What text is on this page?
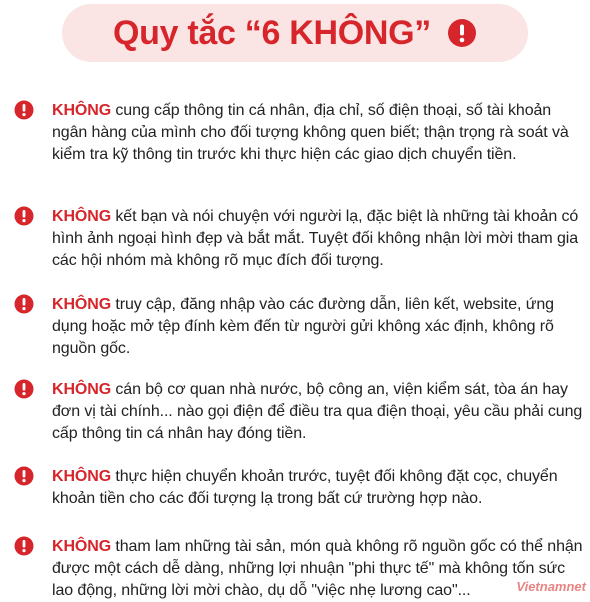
Quy tắc “6 KHÔNG”
KHÔNG cung cấp thông tin cá nhân, địa chỉ, số điện thoại, số tài khoản ngân hàng của mình cho đối tượng không quen biết; thận trọng rà soát và kiểm tra kỹ thông tin trước khi thực hiện các giao dịch chuyển tiền.
KHÔNG kết bạn và nói chuyện với người lạ, đặc biệt là những tài khoản có hình ảnh ngoại hình đẹp và bắt mắt. Tuyệt đối không nhận lời mời tham gia các hội nhóm mà không rõ mục đích đối tượng.
KHÔNG truy cập, đăng nhập vào các đường dẫn, liên kết, website, ứng dụng hoặc mở tệp đính kèm đến từ người gửi không xác định, không rõ nguồn gốc.
KHÔNG cán bộ cơ quan nhà nước, bộ công an, viện kiểm sát, tòa án hay đơn vị tài chính... nào gọi điện để điều tra qua điện thoại, yêu cầu phải cung cấp thông tin cá nhân hay đóng tiền.
KHÔNG thực hiện chuyển khoản trước, tuyệt đối không đặt cọc, chuyển khoản tiền cho các đối tượng lạ trong bất cứ trường hợp nào.
KHÔNG tham lam những tài sản, món quà không rõ nguồn gốc có thể nhận được một cách dễ dàng, những lợi nhuận "phi thực tế" mà không tốn sức lao động, những lời mời chào, dụ dỗ "việc nhẹ lương cao"...	Vietnamnet
